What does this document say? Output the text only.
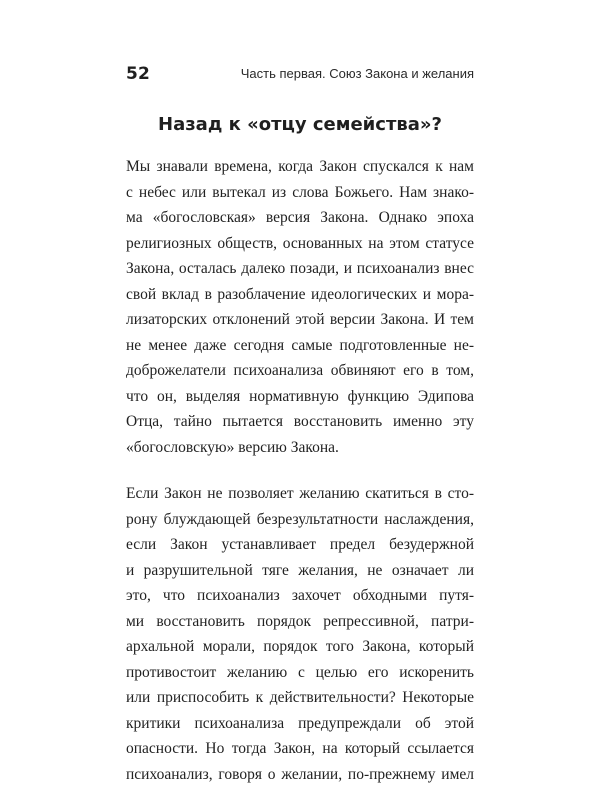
52	Часть первая. Союз Закона и желания
Назад к «отцу семейства»?

Мы знавали времена, когда Закон спускался к нам
с небес или вытекал из слова Божьего. Нам знако-
ма «богословская» версия Закона. Однако эпоха
религиозных обществ, основанных на этом статусе
Закона, осталась далеко позади, и психоанализ внес
свой вклад в разоблачение идеологических и мора-
лизаторских отклонений этой версии Закона. И тем
не менее даже сегодня самые подготовленные не-
доброжелатели психоанализа обвиняют его в том,
что он, выделяя нормативную функцию Эдипова
Отца, тайно пытается восстановить именно эту
«богословскую» версию Закона.

Если Закон не позволяет желанию скатиться в сто-
рону блуждающей безрезультатности наслаждения,
если Закон устанавливает предел безудержной
и разрушительной тяге желания, не означает ли
это, что психоанализ захочет обходными путя-
ми восстановить порядок репрессивной, патри-
архальной морали, порядок того Закона, который
противостоит желанию с целью его искоренить
или приспособить к действительности? Некоторые
критики психоанализа предупреждали об этой
опасности. Но тогда Закон, на который ссылается
психоанализ, говоря о желании, по-прежнему имел
